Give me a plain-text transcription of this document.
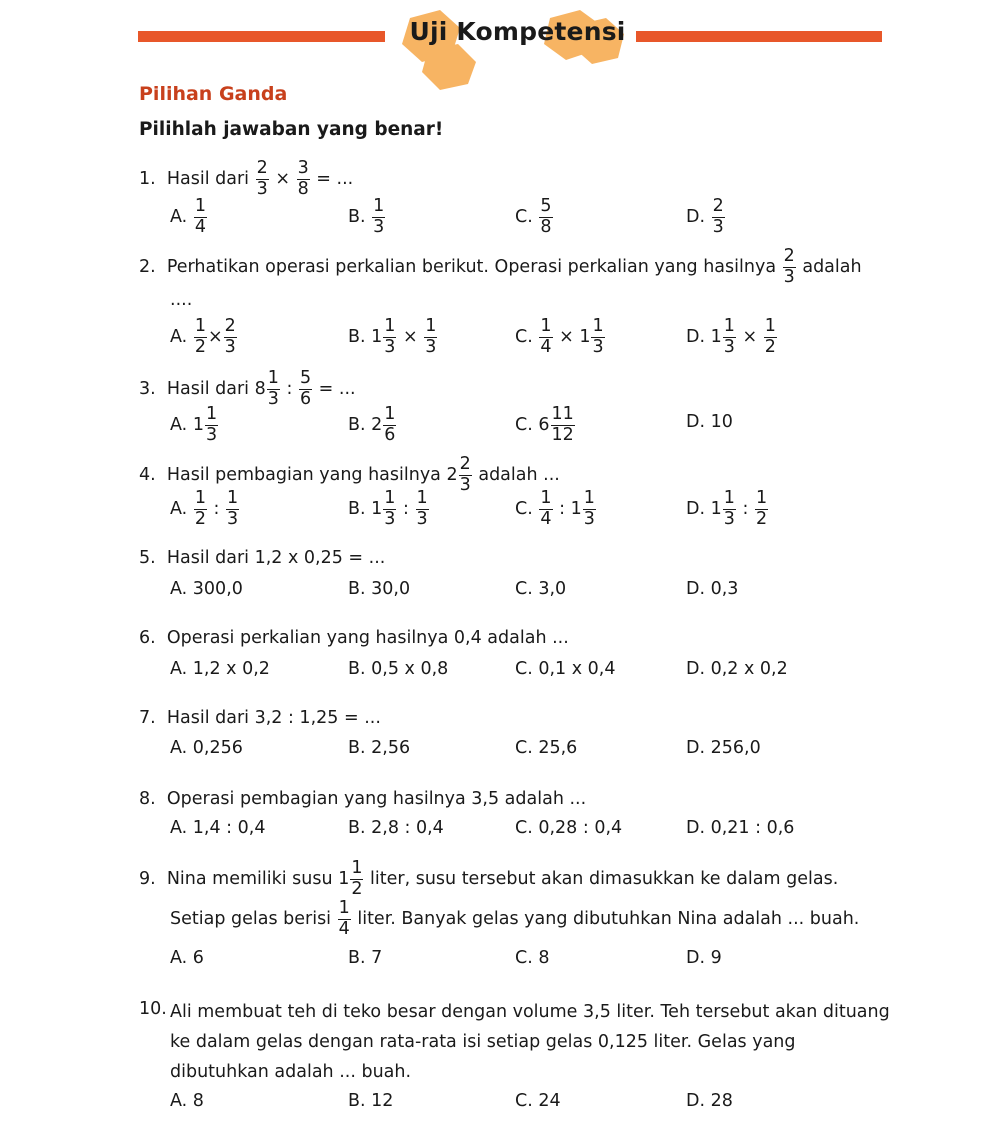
Uji Kompetensi
Pilihan Ganda
Pilihlah jawaban yang benar!
1. Hasil dari $\frac{2}{3} \times \frac{3}{8}$ = ...
A. $\frac{1}{4}$	B. $\frac{1}{3}$	C. $\frac{5}{8}$	D. $\frac{2}{3}$
2. Perhatikan operasi perkalian berikut. Operasi perkalian yang hasilnya $\frac{2}{3}$ adalah
....
A. $\frac{1}{2} \times \frac{2}{3}$	B. $1 \frac{1}{3} \times \frac{1}{3}$	C. $\frac{1}{4} \times 1 \frac{1}{3}$	D. $1 \frac{1}{3} \times \frac{1}{2}$
3. Hasil dari $8 \frac{1}{3}$ : $\frac{5}{6}$ = ...
A. $1 \frac{1}{3}$	B. $2 \frac{1}{6}$	C. $6 \frac{11}{12}$	D. 10
4. Hasil pembagian yang hasilnya $2 \frac{2}{3}$ adalah ...
A. $\frac{1}{2}$ : $\frac{1}{3}$	B. $1 \frac{1}{3}$ : $\frac{1}{3}$	C. $\frac{1}{4}$ : $1 \frac{1}{3}$	D. $1 \frac{1}{3}$ : $\frac{1}{2}$
5. Hasil dari 1,2 x 0,25 = ...
A. 300,0	B. 30,0	C. 3,0	D. 0,3
6. Operasi perkalian yang hasilnya 0,4 adalah ...
A. 1,2 x 0,2	B. 0,5 x 0,8	C. 0,1 x 0,4	D. 0,2 x 0,2
7. Hasil dari 3,2 : 1,25 = ...
A. 0,256	B. 2,56	C. 25,6	D. 256,0
8. Operasi pembagian yang hasilnya 3,5 adalah ...
A. 1,4 : 0,4	B. 2,8 : 0,4	C. 0,28 : 0,4	D. 0,21 : 0,6
9. Nina memiliki susu $1 \frac{1}{2}$ liter, susu tersebut akan dimasukkan ke dalam gelas.
Setiap gelas berisi $\frac{1}{4}$ liter. Banyak gelas yang dibutuhkan Nina adalah ... buah.
A. 6	B. 7	C. 8	D. 9
10. Ali membuat teh di teko besar dengan volume 3,5 liter. Teh tersebut akan dituang ke dalam gelas dengan rata-rata isi setiap gelas 0,125 liter. Gelas yang dibutuhkan adalah ... buah.
A. 8	B. 12	C. 24	D. 28
